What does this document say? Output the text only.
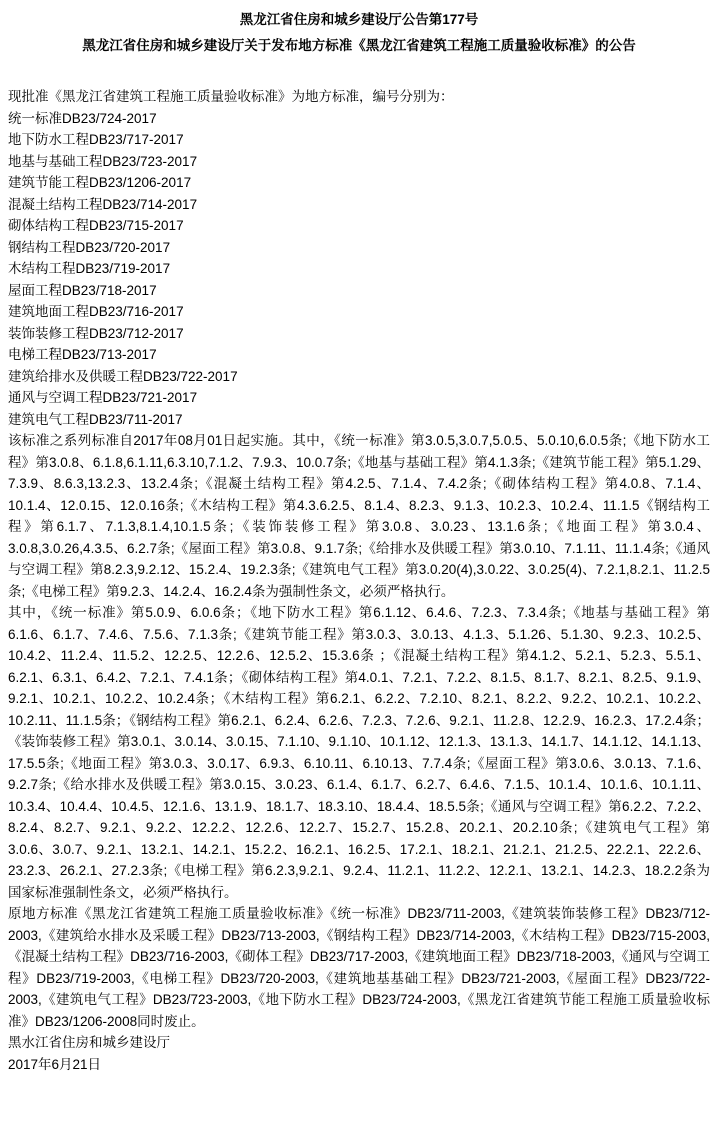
黑龙江省住房和城乡建设厅公告第177号
黑龙江省住房和城乡建设厅关于发布地方标准《黑龙江省建筑工程施工质量验收标准》的公告

现批准《黑龙江省建筑工程施工质量验收标准》为地方标准，编号分别为：

统一标准DB23/724-2017
地下防水工程DB23/717-2017
地基与基础工程DB23/723-2017
建筑节能工程DB23/1206-2017
混凝土结构工程DB23/714-2017
砌体结构工程DB23/715-2017
钢结构工程DB23/720-2017
木结构工程DB23/719-2017
屋面工程DB23/718-2017
建筑地面工程DB23/716-2017
装饰装修工程DB23/712-2017
电梯工程DB23/713-2017
建筑给排水及供暖工程DB23/722-2017
通风与空调工程DB23/721-2017
建筑电气工程DB23/711-2017

该标准之系列标准自2017年08月01日起实施。其中，《统一标准》第3.0.5,3.0.7,5.0.5、5.0.10,6.0.5条;《地下防水工程》第3.0.8、6.1.8,6.1.11,6.3.10,7.1.2、7.9.3、10.0.7条;《地基与基础工程》第4.1.3条;《建筑节能工程》第5.1.29、7.3.9、8.6.3,13.2.3、13.2.4条;《混凝土结构工程》第4.2.5、7.1.4、7.4.2条;《砌体结构工程》第4.0.8、7.1.4、10.1.4、12.0.15、12.0.16条;《木结构工程》第4.3.6.2.5、8.1.4、8.2.3、9.1.3、10.2.3、10.2.4、11.1.5《钢结构工程》第6.1.7、7.1.3,8.1.4,10.1.5条;《装饰装修工程》第3.0.8、3.0.23、13.1.6条;《地面工程》第3.0.4、3.0.8,3.0.26,4.3.5、6.2.7条;《屋面工程》第3.0.8、9.1.7条;《给排水及供暖工程》第3.0.10、7.1.11、11.1.4条;《通风与空调工程》第8.2.3,9.2.12、15.2.4、19.2.3条;《建筑电气工程》第3.0.20(4),3.0.22、3.0.25(4)、7.2.1,8.2.1、11.2.5条;《电梯工程》第9.2.3、14.2.4、16.2.4条为强制性条文，必须严格执行。

其中，《统一标准》第5.0.9、6.0.6条；《地下防水工程》第6.1.12、6.4.6、7.2.3、7.3.4条;《地基与基础工程》第6.1.6、6.1.7、7.4.6、7.5.6、7.1.3条;《建筑节能工程》第3.0.3、3.0.13、4.1.3、5.1.26、5.1.30、9.2.3、10.2.5、10.4.2、11.2.4、11.5.2、12.2.5、12.2.6、12.5.2、15.3.6条 ；《混凝土结构工程》第4.1.2、5.2.1、5.2.3、5.5.1、6.2.1、6.3.1、6.4.2、7.2.1、7.4.1条；《砌体结构工程》第4.0.1、7.2.1、7.2.2、8.1.5、8.1.7、8.2.1、8.2.5、9.1.9、9.2.1、10.2.1、10.2.2、10.2.4条；《木结构工程》第6.2.1、6.2.2、7.2.10、8.2.1、8.2.2、9.2.2、10.2.1、10.2.2、10.2.11、11.1.5条；《钢结构工程》第6.2.1、6.2.4、6.2.6、7.2.3、7.2.6、9.2.1、11.2.8、12.2.9、16.2.3、17.2.4条；《装饰装修工程》第3.0.1、3.0.14、3.0.15、7.1.10、9.1.10、10.1.12、12.1.3、13.1.3、14.1.7、14.1.12、14.1.13、17.5.5条;《地面工程》第3.0.3、3.0.17、6.9.3、6.10.11、6.10.13、7.7.4条;《屋面工程》第3.0.6、3.0.13、7.1.6、9.2.7条;《给水排水及供暖工程》第3.0.15、3.0.23、6.1.4、6.1.7、6.2.7、6.4.6、7.1.5、10.1.4、10.1.6、10.1.11、10.3.4、10.4.4、10.4.5、12.1.6、13.1.9、18.1.7、18.3.10、18.4.4、18.5.5条;《通风与空调工程》第6.2.2、7.2.2、8.2.4、8.2.7、9.2.1、9.2.2、12.2.2、12.2.6、12.2.7、15.2.7、15.2.8、20.2.1、20.2.10条;《建筑电气工程》第3.0.6、3.0.7、9.2.1、13.2.1、14.2.1、15.2.2、16.2.1、16.2.5、17.2.1、18.2.1、21.2.1、21.2.5、22.2.1、22.2.6、23.2.3、26.2.1、27.2.3条;《电梯工程》第6.2.3,9.2.1、9.2.4、11.2.1、11.2.2、12.2.1、13.2.1、14.2.3、18.2.2条为国家标准强制性条文，必须严格执行。

原地方标准《黑龙江省建筑工程施工质量验收标准》《统一标准》DB23/711-2003,《建筑装饰装修工程》DB23/712-2003,《建筑给水排水及采暖工程》DB23/713-2003,《钢结构工程》DB23/714-2003,《木结构工程》DB23/715-2003,《混凝土结构工程》DB23/716-2003,《砌体工程》DB23/717-2003,《建筑地面工程》DB23/718-2003,《通风与空调工程》DB23/719-2003,《电梯工程》DB23/720-2003,《建筑地基基础工程》DB23/721-2003,《屋面工程》DB23/722-2003,《建筑电气工程》DB23/723-2003,《地下防水工程》DB23/724-2003,《黑龙江省建筑节能工程施工质量验收标准》DB23/1206-2008同时废止。

黑水江省住房和城乡建设厅

2017年6月21日
